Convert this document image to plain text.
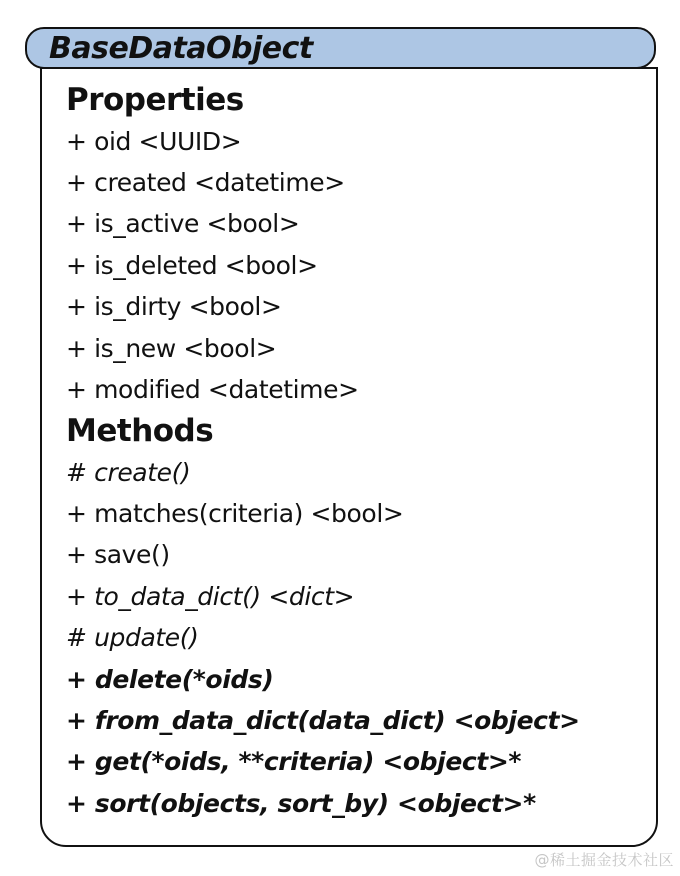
BaseDataObject
Properties
+ oid <UUID>
+ created <datetime>
+ is_active <bool>
+ is_deleted <bool>
+ is_dirty <bool>
+ is_new <bool>
+ modified <datetime>
Methods
# create()
+ matches(criteria) <bool>
+ save()
+ to_data_dict() <dict>
# update()
+ delete(*oids)
+ from_data_dict(data_dict) <object>
+ get(*oids, **criteria) <object>*
+ sort(objects, sort_by) <object>*
@稀土掘金技术社区
